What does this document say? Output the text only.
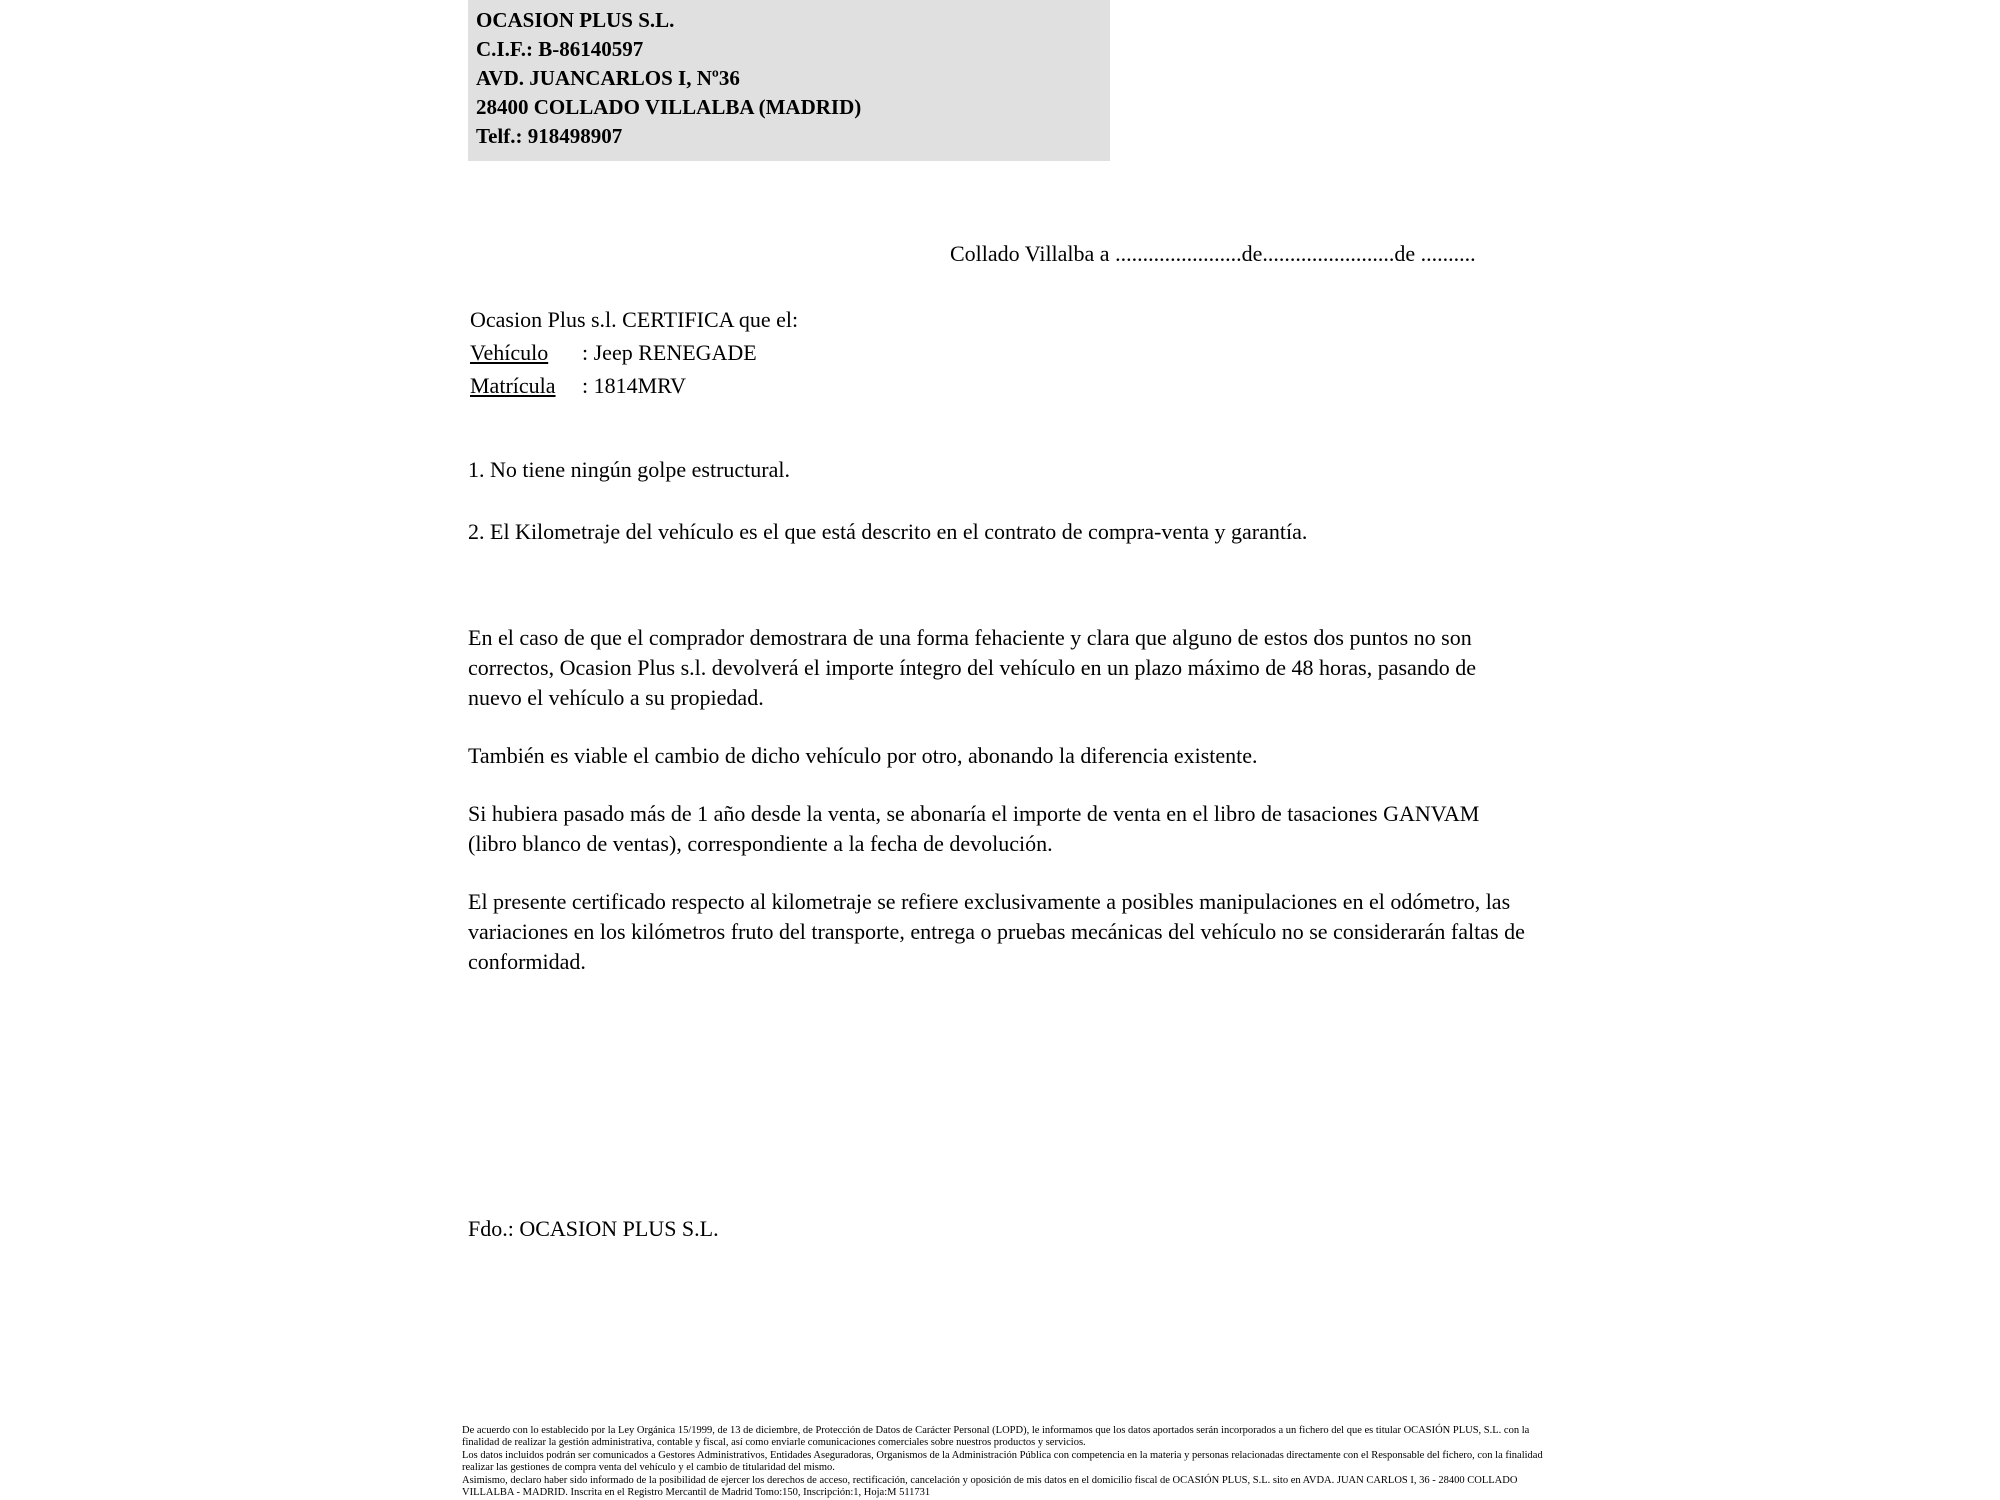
OCASION PLUS S.L.
C.I.F.: B-86140597
AVD. JUANCARLOS I, Nº36
28400 COLLADO VILLALBA (MADRID)
Telf.: 918498907
Collado Villalba a .......................de........................de ..........
Ocasion Plus s.l. CERTIFICA que el:
Vehículo : Jeep RENEGADE
Matrícula : 1814MRV

1. No tiene ningún golpe estructural.

2. El Kilometraje del vehículo es el que está descrito en el contrato de compra-venta y garantía.

En el caso de que el comprador demostrara de una forma fehaciente y clara que alguno de estos dos puntos no son correctos, Ocasion Plus s.l. devolverá el importe íntegro del vehículo en un plazo máximo de 48 horas, pasando de nuevo el vehículo a su propiedad.

También es viable el cambio de dicho vehículo por otro, abonando la diferencia existente.

Si hubiera pasado más de 1 año desde la venta, se abonaría el importe de venta en el libro de tasaciones GANVAM (libro blanco de ventas), correspondiente a la fecha de devolución.

El presente certificado respecto al kilometraje se refiere exclusivamente a posibles manipulaciones en el odómetro, las variaciones en los kilómetros fruto del transporte, entrega o pruebas mecánicas del vehículo no se considerarán faltas de conformidad.

Fdo.: OCASION PLUS S.L.

De acuerdo con lo establecido por la Ley Orgánica 15/1999, de 13 de diciembre, de Protección de Datos de Carácter Personal (LOPD), le informamos que los datos aportados serán incorporados a un fichero del que es titular OCASIÓN PLUS, S.L. con la finalidad de realizar la gestión administrativa, contable y fiscal, así como enviarle comunicaciones comerciales sobre nuestros productos y servicios.

Los datos incluidos podrán ser comunicados a Gestores Administrativos, Entidades Aseguradoras, Organismos de la Administración Pública con competencia en la materia y personas relacionadas directamente con el Responsable del fichero, con la finalidad realizar las gestiones de compra venta del vehículo y el cambio de titularidad del mismo.

Asimismo, declaro haber sido informado de la posibilidad de ejercer los derechos de acceso, rectificación, cancelación y oposición de mis datos en el domicilio fiscal de OCASIÓN PLUS, S.L. sito en AVDA. JUAN CARLOS I, 36 - 28400 COLLADO VILLALBA - MADRID. Inscrita en el Registro Mercantil de Madrid Tomo:150, Inscripción:1, Hoja:M 511731
